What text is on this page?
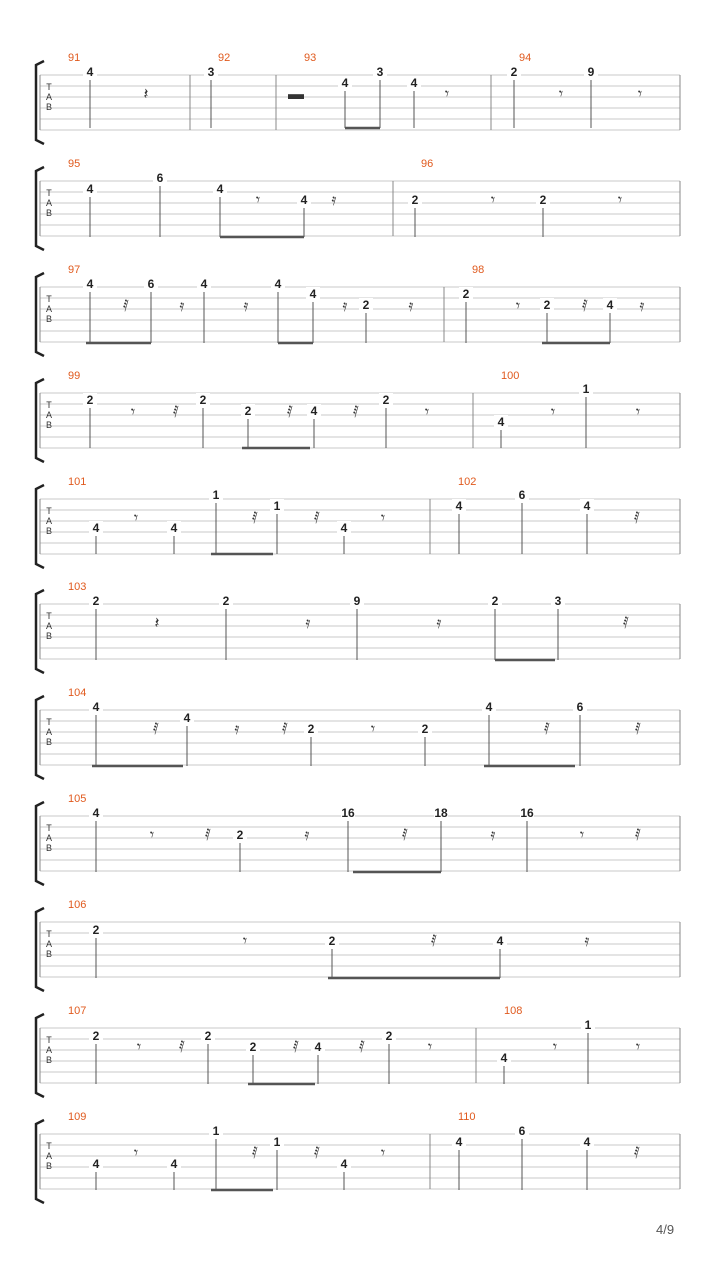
T
A
B
91
4
92
3
93
4
3
4
94
2	9
𝄽	▬	𝄾	𝄾	𝄾
T
A
B
95
4
6
4
4
96
2	2
𝄾	𝄿	𝄾	𝄾
T
A
B
97
4	6	4	4
4
2
98
2
2	4
𝅀	𝄿	𝄿	𝄿	𝄿	𝄾	𝅀	𝄿
T
A
B
99
2	2
2	4
2
100
4
1
𝄾 𝅀	𝅀	𝅀	𝄾	𝄾	𝄾
T
A
B
101
4	4
1
1
4
102
4
6
4
𝄾	𝅀	𝅀	𝄾	𝅀
T
A
B
103
2	2	9	2	3
𝄽	𝄿	𝄿	𝅀
T
A
B
104
4
4
2	2
4	6
𝅀	𝄿	𝅀	𝄾	𝅀	𝅀
T
A
B
105
4
2
16	18	16
𝄾	𝅀	𝄿	𝅀	𝄿	𝄾	𝅀
T
A
B
106
2
2	4
𝄾	𝅀	𝄿
T
A
B
107
2	2
2	4
2
108
4
1
𝄾 𝅀	𝅀	𝅀	𝄾	𝄾	𝄾
T
A
B
109
4	4
1
1
4
110
4
6
4
𝄾	𝅀	𝅀	𝄾	𝅀
4/9
